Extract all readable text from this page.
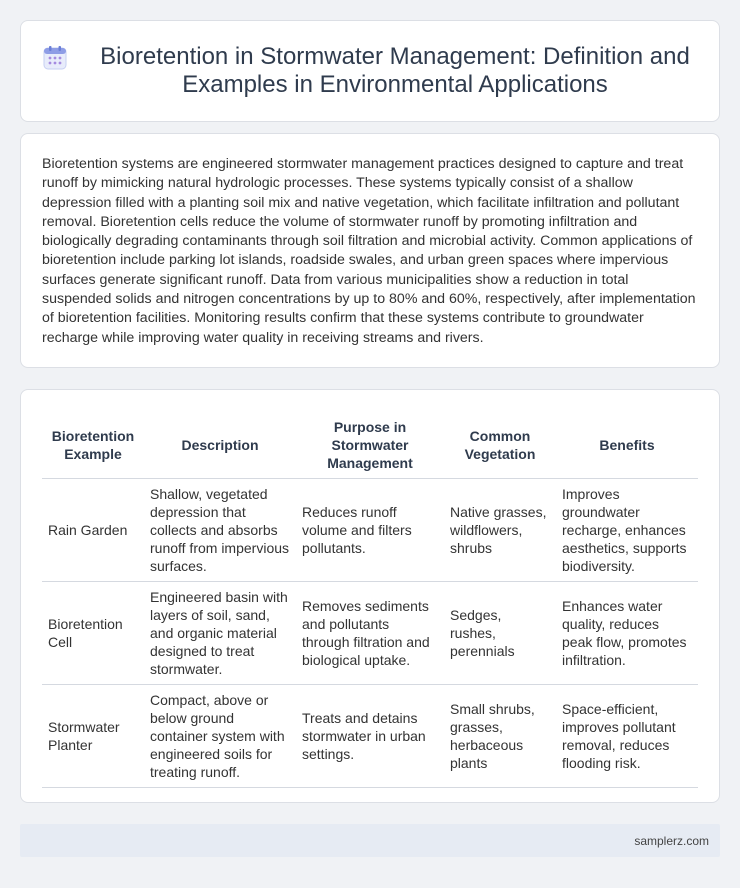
Bioretention in Stormwater Management: Definition and Examples in Environmental Applications

Bioretention systems are engineered stormwater management practices designed to capture and treat runoff by mimicking natural hydrologic processes. These systems typically consist of a shallow depression filled with a planting soil mix and native vegetation, which facilitate infiltration and pollutant removal. Bioretention cells reduce the volume of stormwater runoff by promoting infiltration and biologically degrading contaminants through soil filtration and microbial activity. Common applications of bioretention include parking lot islands, roadside swales, and urban green spaces where impervious surfaces generate significant runoff. Data from various municipalities show a reduction in total suspended solids and nitrogen concentrations by up to 80% and 60%, respectively, after implementation of bioretention facilities. Monitoring results confirm that these systems contribute to groundwater recharge while improving water quality in receiving streams and rivers.

Bioretention Example	Description	Purpose in Stormwater Management	Common Vegetation	Benefits
Rain Garden	Shallow, vegetated depression that collects and absorbs runoff from impervious surfaces.	Reduces runoff volume and filters pollutants.	Native grasses, wildflowers, shrubs	Improves groundwater recharge, enhances aesthetics, supports biodiversity.
Bioretention Cell	Engineered basin with layers of soil, sand, and organic material designed to treat stormwater.	Removes sediments and pollutants through filtration and biological uptake.	Sedges, rushes, perennials	Enhances water quality, reduces peak flow, promotes infiltration.
Stormwater Planter	Compact, above or below ground container system with engineered soils for treating runoff.	Treats and detains stormwater in urban settings.	Small shrubs, grasses, herbaceous plants	Space-efficient, improves pollutant removal, reduces flooding risk.
samplerz.com
